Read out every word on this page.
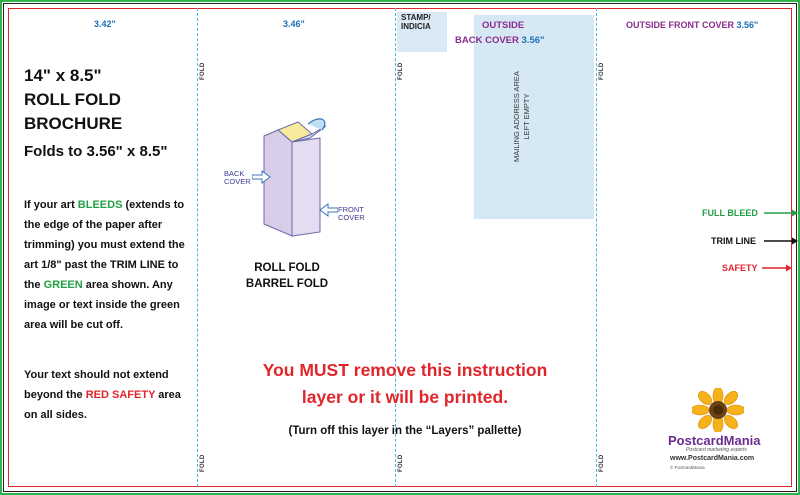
FOLD	FOLD	FOLD
FOLD	FOLD	FOLD
3.42"	3.46"
14" x 8.5"
ROLL FOLD
BROCHURE
Folds to 3.56" x 8.5"
If your art BLEEDS (extends to the edge of the paper after trimming) you must extend the art 1/8" past the TRIM LINE to the GREEN area shown. Any image or text inside the green area will be cut off.
Your text should not extend beyond the RED SAFETY area on all sides.
BACK
COVER
FRONT
COVER
ROLL FOLD
BARREL FOLD
STAMP/
INDICIA	OUTSIDE
BACK COVER 3.56"
MAILING ADDRESS AREA LEFT EMPTY
OUTSIDE FRONT COVER 3.56"
FULL BLEED
TRIM LINE
SAFETY
You MUST remove this instruction
layer or it will be printed.
(Turn off this layer in the “Layers” pallette)
PostcardMania
Postcard marketing experts
www.PostcardMania.com
© PostcardMania
